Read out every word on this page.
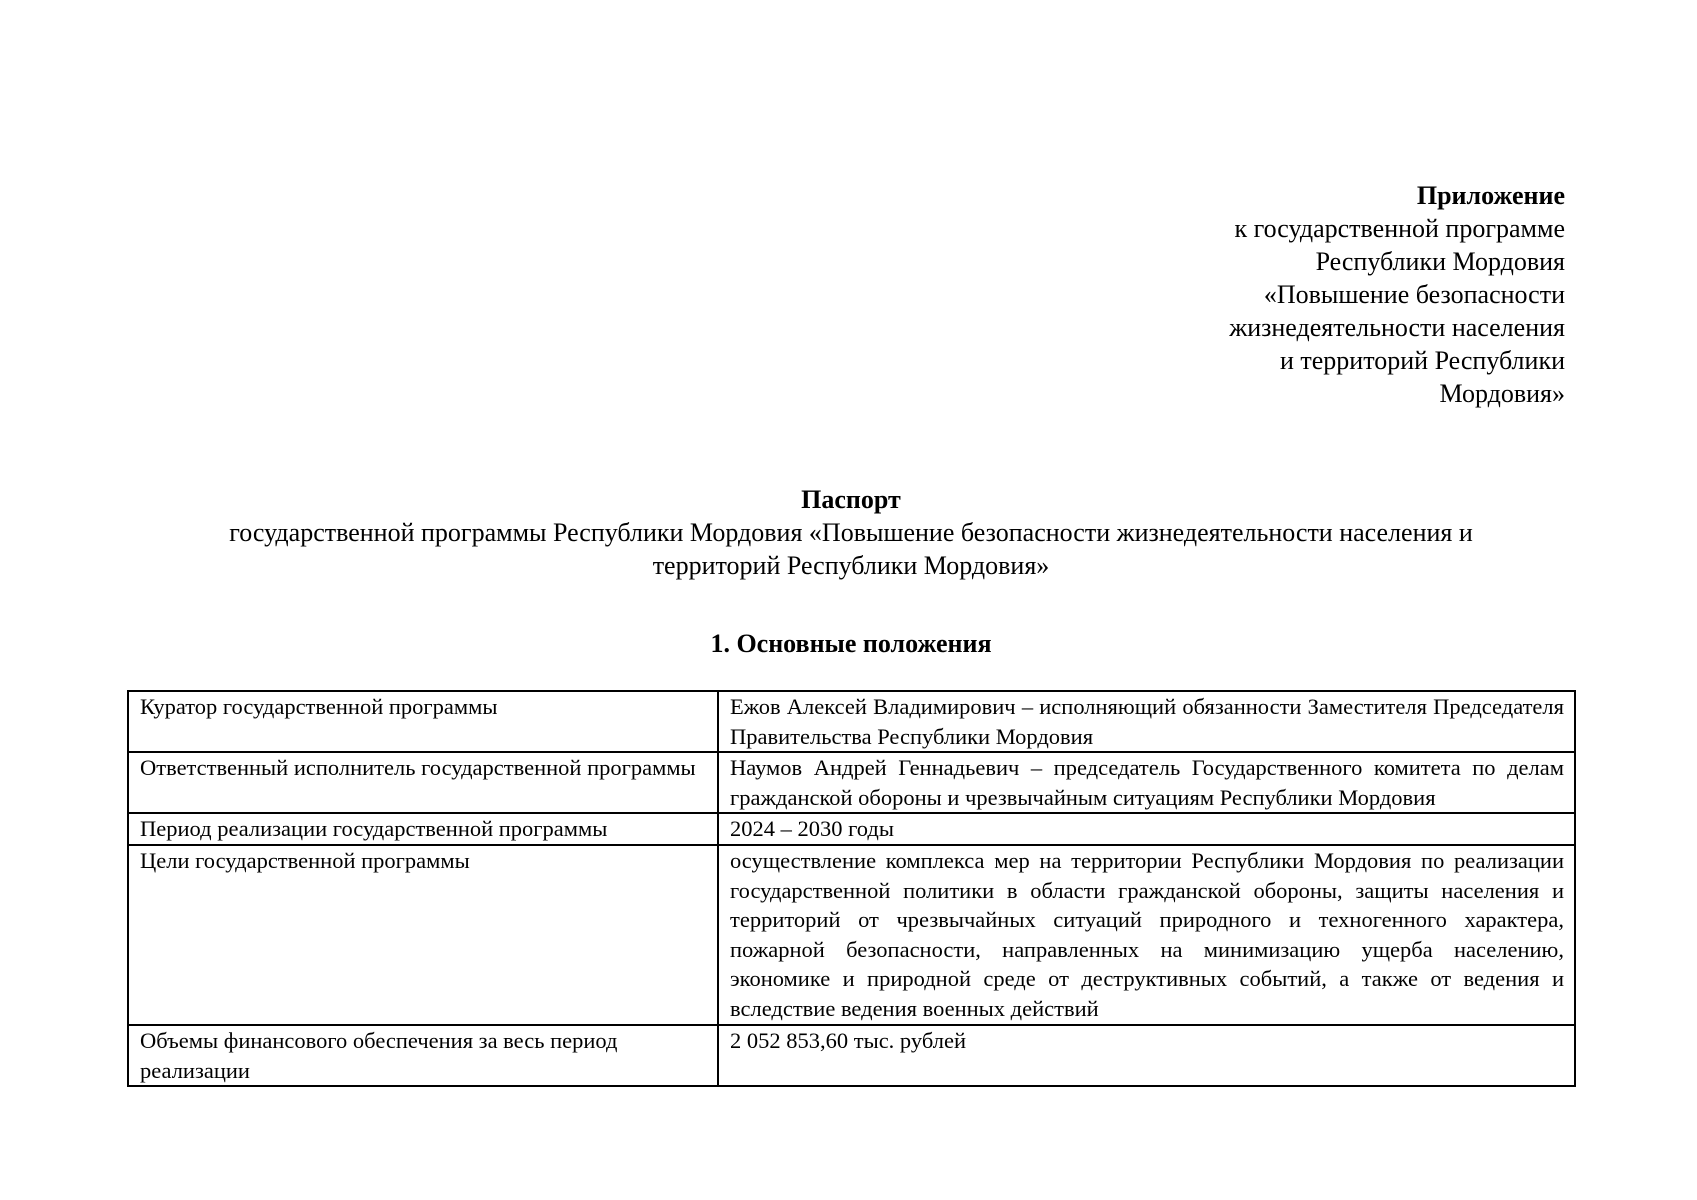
Приложение
к государственной программе
Республики Мордовия
«Повышение безопасности
жизнедеятельности населения
и территорий Республики
Мордовия»
Паспорт
государственной программы Республики Мордовия «Повышение безопасности жизнедеятельности населения и
территорий Республики Мордовия»
1. Основные положения
Куратор государственной программы	Ежов Алексей Владимирович – исполняющий обязанности Заместителя Председателя Правительства Республики Мордовия
Ответственный исполнитель государственной программы	Наумов Андрей Геннадьевич – председатель Государственного комитета по делам гражданской обороны и чрезвычайным ситуациям Республики Мордовия
Период реализации государственной программы	2024 – 2030 годы
Цели государственной программы	осуществление комплекса мер на территории Республики Мордовия по реализации государственной политики в области гражданской обороны, защиты населения и территорий от чрезвычайных ситуаций природного и техногенного характера, пожарной безопасности, направленных на минимизацию ущерба населению, экономике и природной среде от деструктивных событий, а также от ведения и вследствие ведения военных действий
Объемы финансового обеспечения за весь период реализации	2 052 853,60 тыс. рублей
